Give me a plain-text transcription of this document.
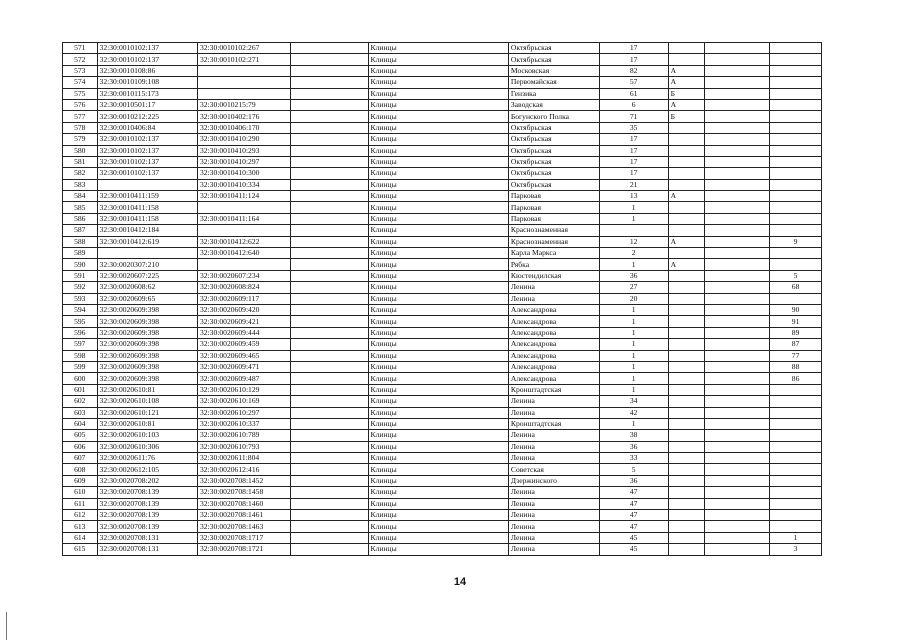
571	32:30:0010102:137	32:30:0010102:267		Клинцы	Октябрьская	17			
572	32:30:0010102:137	32:30:0010102:271		Клинцы	Октябрьская	17			
573	32:30:0010108:86			Клинцы	Московская	82	А		
574	32:30:0010109:108			Клинцы	Первомайская	57	А		
575	32:30:0010115:173			Клинцы	Гензика	61	Б		
576	32:30:0010501:17	32:30:0010215:79		Клинцы	Заводская	6	А		
577	32:30:0010212:225	32:30:0010402:176		Клинцы	Богунского Полка	71	Б		
578	32:30:0010406:84	32:30:0010406:170		Клинцы	Октябрьская	35			
579	32:30:0010102:137	32:30:0010410:290		Клинцы	Октябрьская	17			
580	32:30:0010102:137	32:30:0010410:293		Клинцы	Октябрьская	17			
581	32:30:0010102:137	32:30:0010410:297		Клинцы	Октябрьская	17			
582	32:30:0010102:137	32:30:0010410:300		Клинцы	Октябрьская	17			
583		32:30:0010410:334		Клинцы	Октябрьская	21			
584	32:30:0010411:159	32:30:0010411:124		Клинцы	Парковая	13	А		
585	32:30:0010411:158			Клинцы	Парковая	1			
586	32:30:0010411:158	32:30:0010411:164		Клинцы	Парковая	1			
587	32:30:0010412:184			Клинцы	Краснознаменная				
588	32:30:0010412:619	32:30:0010412:622		Клинцы	Краснознаменная	12	А		9
589		32:30:0010412:640		Клинцы	Карла Маркса	2			
590	32:30:0020307:210			Клинцы	Рябка	1	А		
591	32:30:0020607:225	32:30:0020607:234		Клинцы	Кюстендилская	36			5
592	32:30:0020608:62	32:30:0020608:824		Клинцы	Ленина	27			68
593	32:30:0020609:65	32:30:0020609:117		Клинцы	Ленина	20			
594	32:30:0020609:398	32:30:0020609:420		Клинцы	Александрова	1			90
595	32:30:0020609:398	32:30:0020609:421		Клинцы	Александрова	1			91
596	32:30:0020609:398	32:30:0020609:444		Клинцы	Александрова	1			89
597	32:30:0020609:398	32:30:0020609:459		Клинцы	Александрова	1			87
598	32:30:0020609:398	32:30:0020609:465		Клинцы	Александрова	1			77
599	32:30:0020609:398	32:30:0020609:471		Клинцы	Александрова	1			88
600	32:30:0020609:398	32:30:0020609:487		Клинцы	Александрова	1			86
601	32:30:0020610:81	32:30:0020610:129		Клинцы	Кронштадтская	1			
602	32:30:0020610:108	32:30:0020610:169		Клинцы	Ленина	34			
603	32:30:0020610:121	32:30:0020610:297		Клинцы	Ленина	42			
604	32:30:0020610:81	32:30:0020610:337		Клинцы	Кронштадтская	1			
605	32:30:0020610:103	32:30:0020610:789		Клинцы	Ленина	38			
606	32:30:0020610:306	32:30:0020610:793		Клинцы	Ленина	36			
607	32:30:0020611:76	32:30:0020611:804		Клинцы	Ленина	33			
608	32:30:0020612:105	32:30:0020612:416		Клинцы	Советская	5			
609	32:30:0020708:202	32:30:0020708:1452		Клинцы	Дзержинского	36			
610	32:30:0020708:139	32:30:0020708:1458		Клинцы	Ленина	47			
611	32:30:0020708:139	32:30:0020708:1460		Клинцы	Ленина	47			
612	32:30:0020708:139	32:30:0020708:1461		Клинцы	Ленина	47			
613	32:30:0020708:139	32:30:0020708:1463		Клинцы	Ленина	47			
614	32:30:0020708:131	32:30:0020708:1717		Клинцы	Ленина	45			1
615	32:30:0020708:131	32:30:0020708:1721		Клинцы	Ленина	45			3
14
